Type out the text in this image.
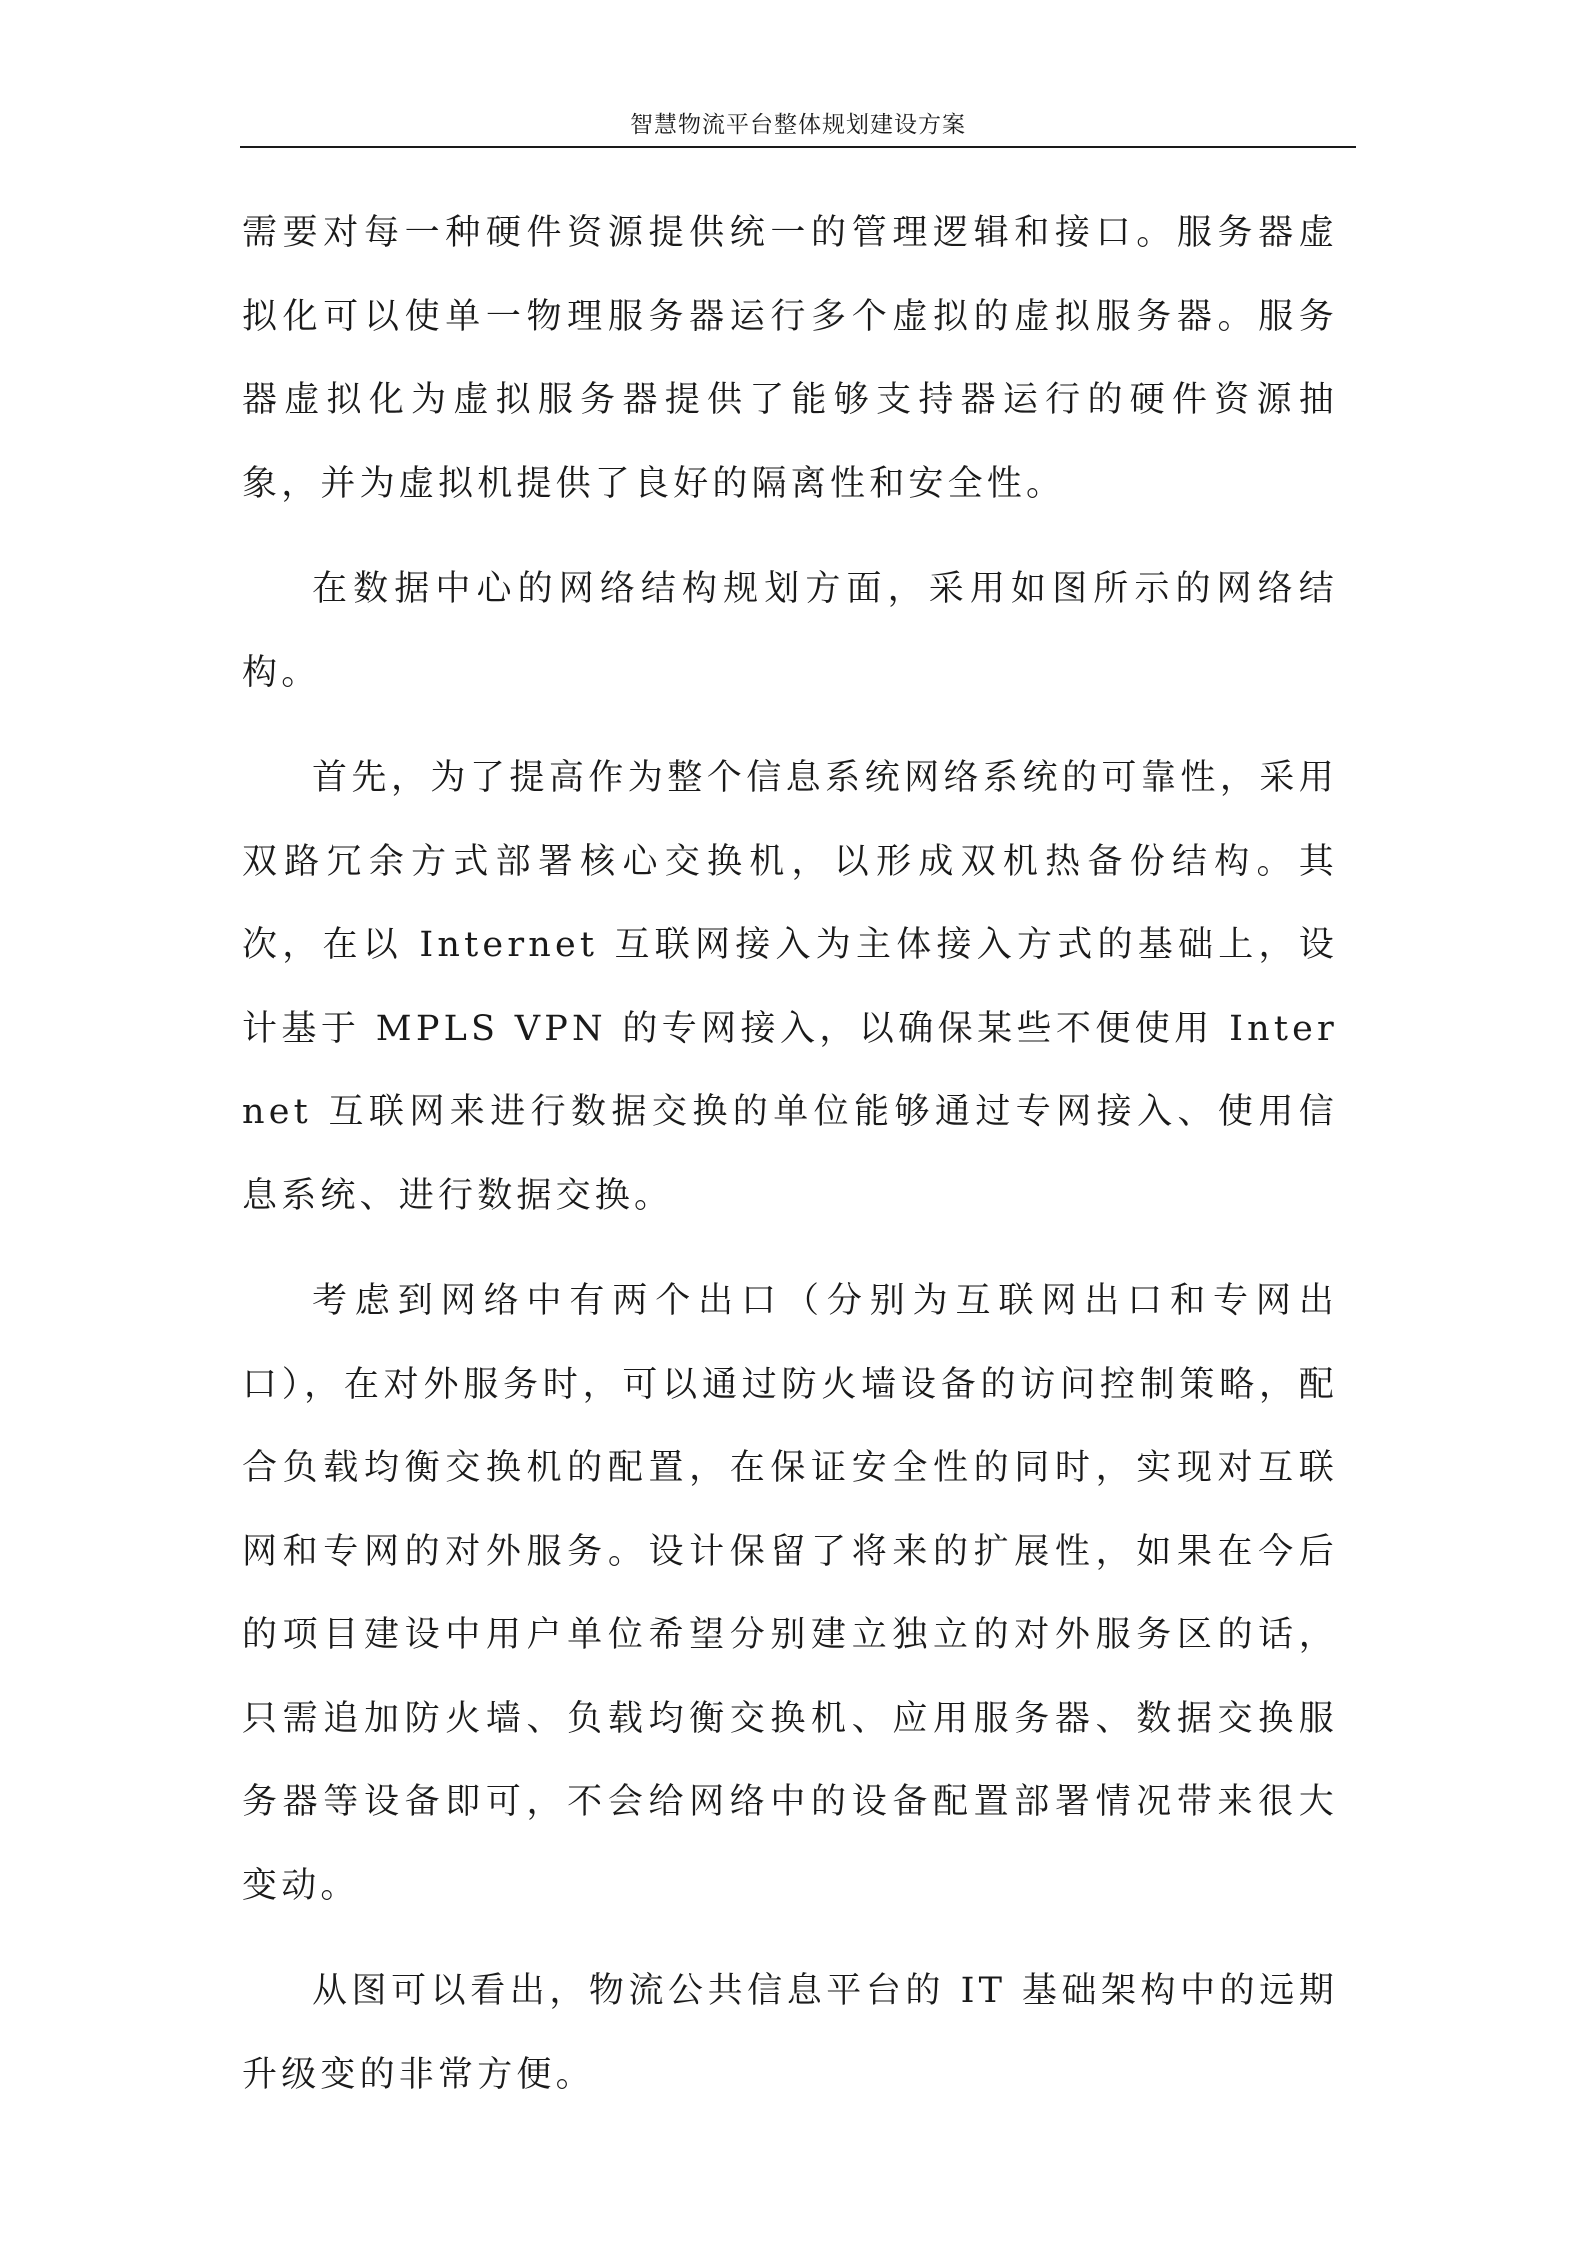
智慧物流平台整体规划建设方案

需要对每一种硬件资源提供统一的管理逻辑和接口。服务器虚拟化可以使单一物理服务器运行多个虚拟的虚拟服务器。服务器虚拟化为虚拟服务器提供了能够支持器运行的硬件资源抽象，并为虚拟机提供了良好的隔离性和安全性。

在数据中心的网络结构规划方面，采用如图所示的网络结构。

首先，为了提高作为整个信息系统网络系统的可靠性，采用双路冗余方式部署核心交换机，以形成双机热备份结构。其次，在以 Internet 互联网接入为主体接入方式的基础上，设计基于 MPLS VPN 的专网接入，以确保某些不便使用 Internet 互联网来进行数据交换的单位能够通过专网接入、使用信息系统、进行数据交换。

考虑到网络中有两个出口（分别为互联网出口和专网出口），在对外服务时，可以通过防火墙设备的访问控制策略，配合负载均衡交换机的配置，在保证安全性的同时，实现对互联网和专网的对外服务。设计保留了将来的扩展性，如果在今后的项目建设中用户单位希望分别建立独立的对外服务区的话，只需追加防火墙、负载均衡交换机、应用服务器、数据交换服务器等设备即可，不会给网络中的设备配置部署情况带来很大变动。

从图可以看出，物流公共信息平台的 IT 基础架构中的远期升级变的非常方便。
